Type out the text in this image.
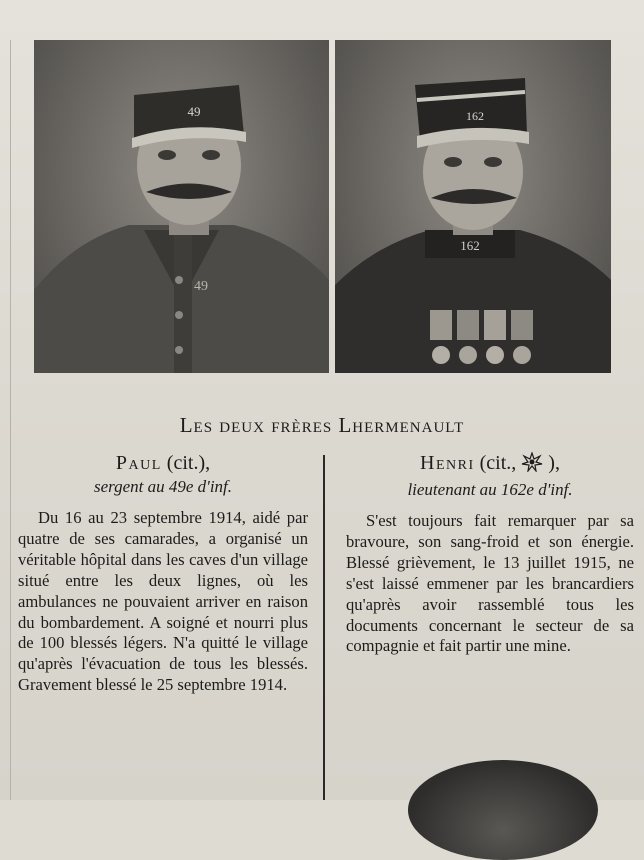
49
49
162
162
Les deux frères Lhermenault
Paul (cit.),
sergent au 49e d'inf.
Du 16 au 23 septembre 1914, aidé par quatre de ses camarades, a organisé un véritable hôpital dans les caves d'un village situé entre les deux lignes, où les ambulances ne pouvaient arriver en raison du bombardement. A soigné et nourri plus de 100 blessés légers. N'a quitté le village qu'après l'évacuation de tous les blessés. Gravement blessé le 25 septembre 1914.
Henri (cit., ),
lieutenant au 162e d'inf.
S'est toujours fait remarquer par sa bravoure, son sang-froid et son énergie. Blessé grièvement, le 13 juillet 1915, ne s'est laissé emmener par les brancardiers qu'après avoir rassemblé tous les documents concernant le secteur de sa compagnie et fait partir une mine.
